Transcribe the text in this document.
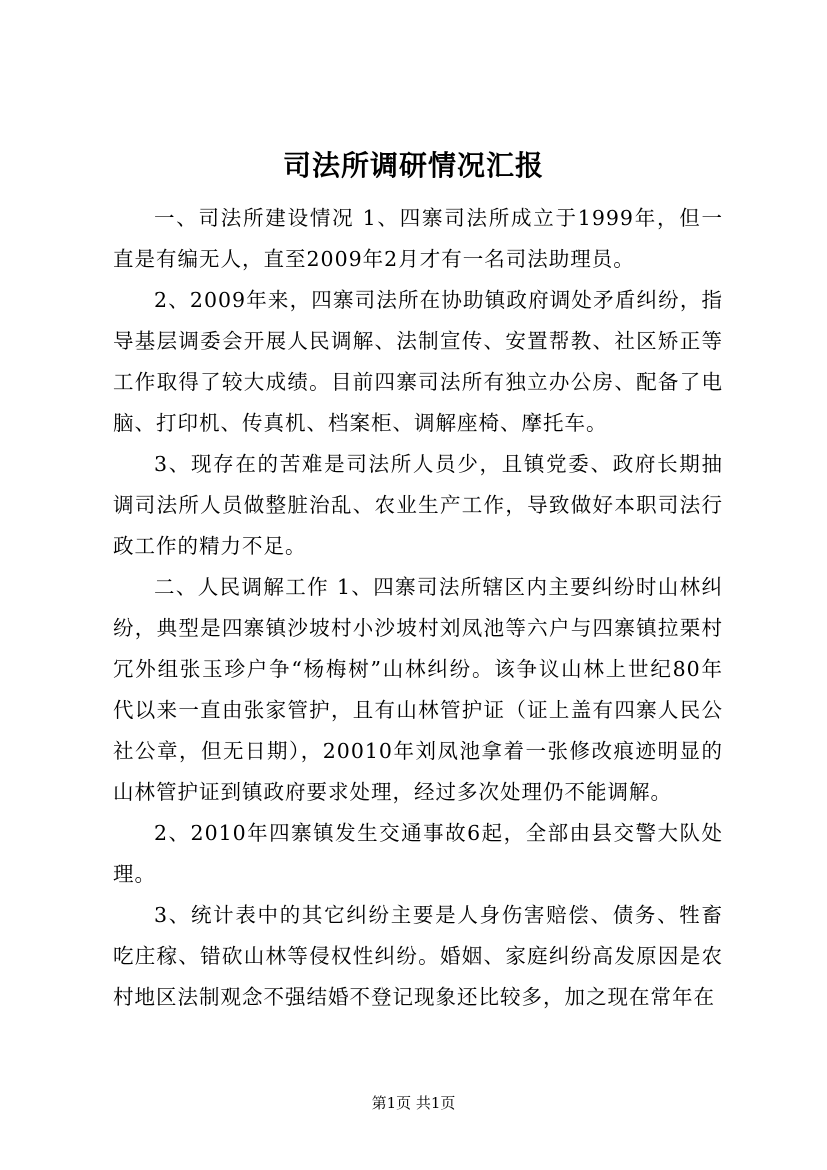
司法所调研情况汇报

一、司法所建设情况 1、四寨司法所成立于1999年，但一直是有编无人，直至2009年2月才有一名司法助理员。

2、2009年来，四寨司法所在协助镇政府调处矛盾纠纷，指导基层调委会开展人民调解、法制宣传、安置帮教、社区矫正等工作取得了较大成绩。目前四寨司法所有独立办公房、配备了电脑、打印机、传真机、档案柜、调解座椅、摩托车。

3、现存在的苦难是司法所人员少，且镇党委、政府长期抽调司法所人员做整脏治乱、农业生产工作，导致做好本职司法行政工作的精力不足。

二、人民调解工作 1、四寨司法所辖区内主要纠纷时山林纠纷，典型是四寨镇沙坡村小沙坡村刘凤池等六户与四寨镇拉栗村冗外组张玉珍户争“杨梅树”山林纠纷。该争议山林上世纪80年代以来一直由张家管护，且有山林管护证（证上盖有四寨人民公社公章，但无日期），20010年刘凤池拿着一张修改痕迹明显的山林管护证到镇政府要求处理，经过多次处理仍不能调解。

2、2010年四寨镇发生交通事故6起，全部由县交警大队处理。

3、统计表中的其它纠纷主要是人身伤害赔偿、债务、牲畜吃庄稼、错砍山林等侵权性纠纷。婚姻、家庭纠纷高发原因是农村地区法制观念不强结婚不登记现象还比较多，加之现在常年在

第1页 共1页
